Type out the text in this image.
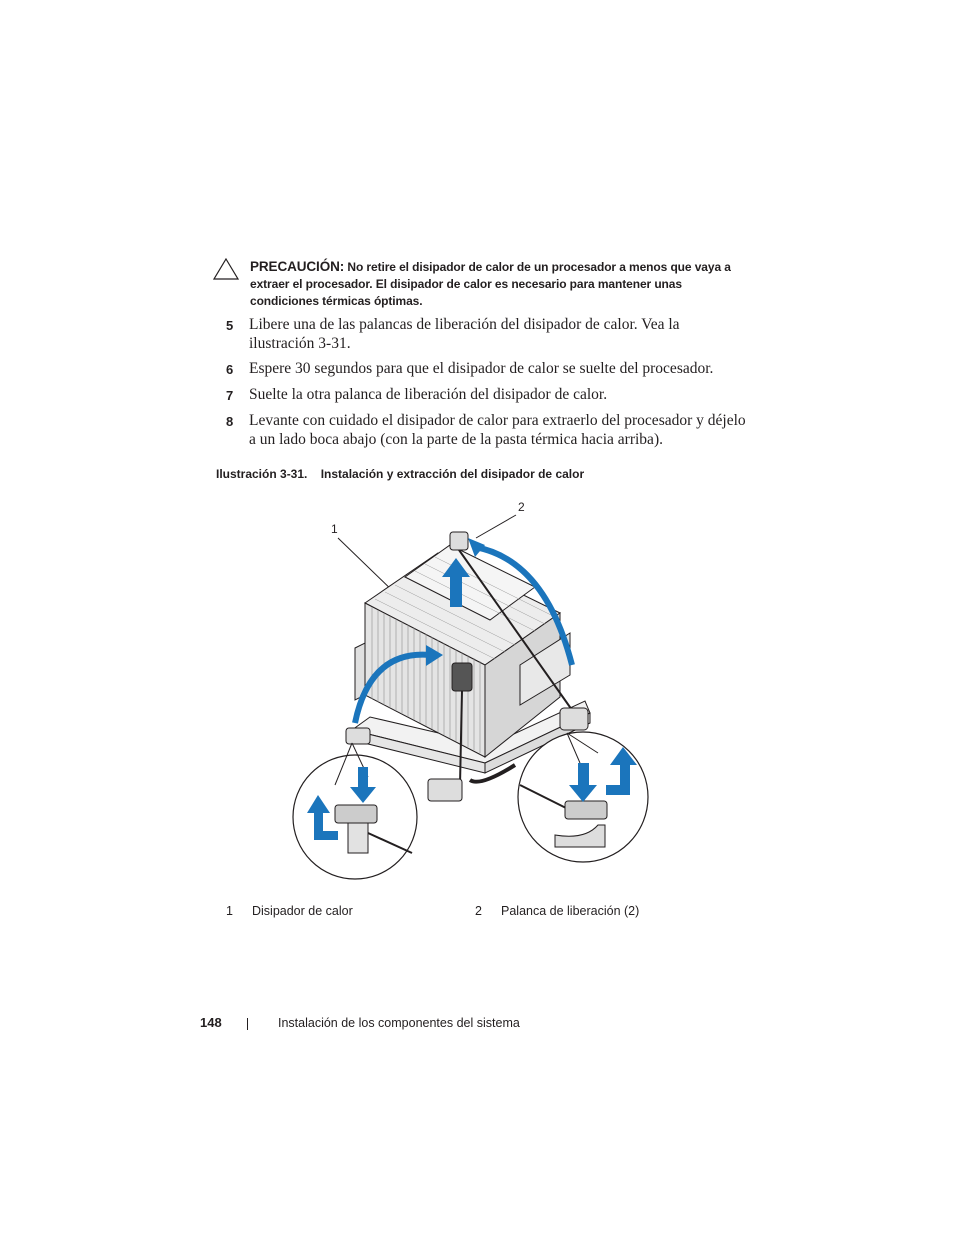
PRECAUCIÓN: No retire el disipador de calor de un procesador a menos que vaya a extraer el procesador. El disipador de calor es necesario para mantener unas condiciones térmicas óptimas.
5	Libere una de las palancas de liberación del disipador de calor. Vea la ilustración 3-31.
6	Espere 30 segundos para que el disipador de calor se suelte del procesador.
7	Suelte la otra palanca de liberación del disipador de calor.
8	Levante con cuidado el disipador de calor para extraerlo del procesador y déjelo a un lado boca abajo (con la parte de la pasta térmica hacia arriba).
Ilustración 3-31.    Instalación y extracción del disipador de calor
1
2
1 Disipador de calor	2 Palanca de liberación (2)
148	Instalación de los componentes del sistema
